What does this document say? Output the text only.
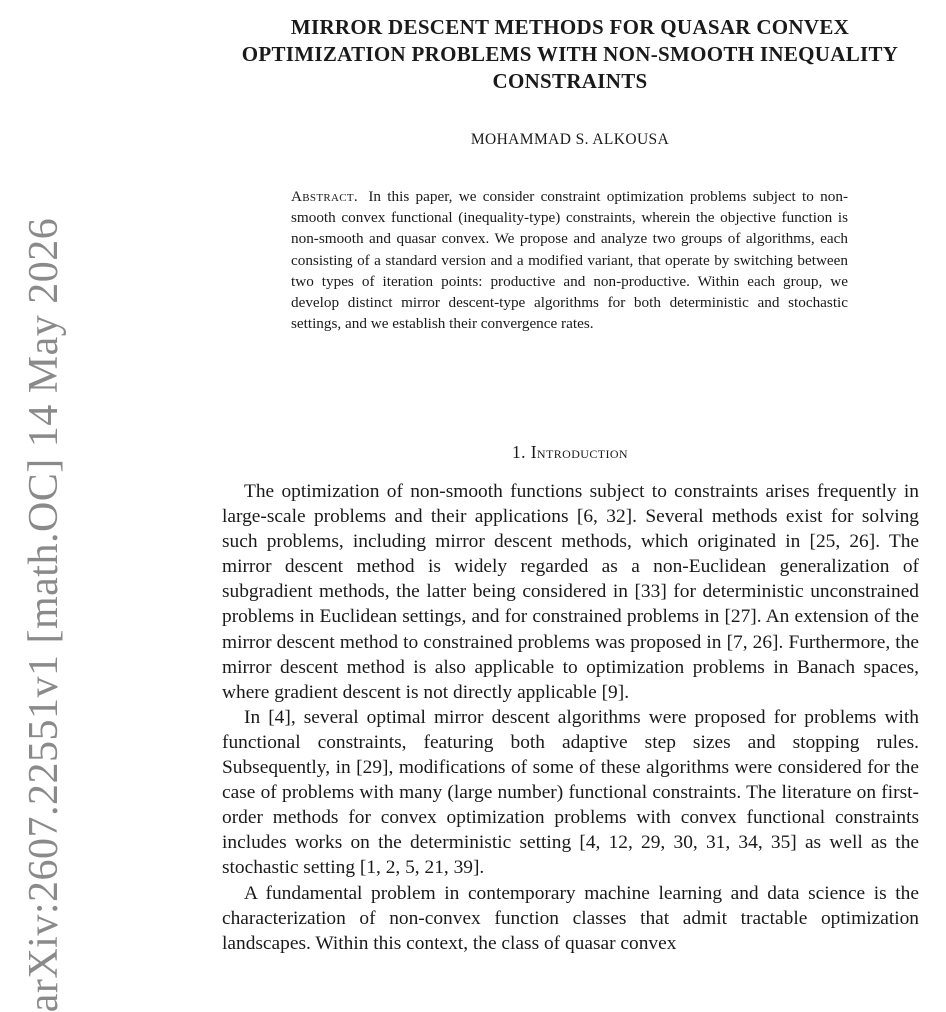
arXiv:2607.22551v1 [math.OC] 14 May 2026
MIRROR DESCENT METHODS FOR QUASAR CONVEX OPTIMIZATION PROBLEMS WITH NON-SMOOTH INEQUALITY CONSTRAINTS
MOHAMMAD S. ALKOUSA

Abstract. In this paper, we consider constraint optimization problems subject to non-smooth convex functional (inequality-type) constraints, wherein the objective function is non-smooth and quasar convex. We propose and analyze two groups of algorithms, each consisting of a standard version and a modified variant, that operate by switching between two types of iteration points: productive and non-productive. Within each group, we develop distinct mirror descent-type algorithms for both deterministic and stochastic settings, and we establish their convergence rates.

1. Introduction

The optimization of non-smooth functions subject to constraints arises frequently in large-scale problems and their applications [6, 32]. Several methods exist for solving such problems, including mirror descent methods, which originated in [25, 26]. The mirror descent method is widely regarded as a non-Euclidean generalization of subgradient methods, the latter being considered in [33] for deterministic unconstrained problems in Euclidean settings, and for constrained problems in [27]. An extension of the mirror descent method to constrained problems was proposed in [7, 26]. Furthermore, the mirror descent method is also applicable to optimization problems in Banach spaces, where gradient descent is not directly applicable [9].

In [4], several optimal mirror descent algorithms were proposed for problems with functional constraints, featuring both adaptive step sizes and stopping rules. Subsequently, in [29], modifications of some of these algorithms were considered for the case of problems with many (large number) functional constraints. The literature on first-order methods for convex optimization problems with convex functional constraints includes works on the deterministic setting [4, 12, 29, 30, 31, 34, 35] as well as the stochastic setting [1, 2, 5, 21, 39].

A fundamental problem in contemporary machine learning and data science is the characterization of non-convex function classes that admit tractable optimization landscapes. Within this context, the class of quasar convex
